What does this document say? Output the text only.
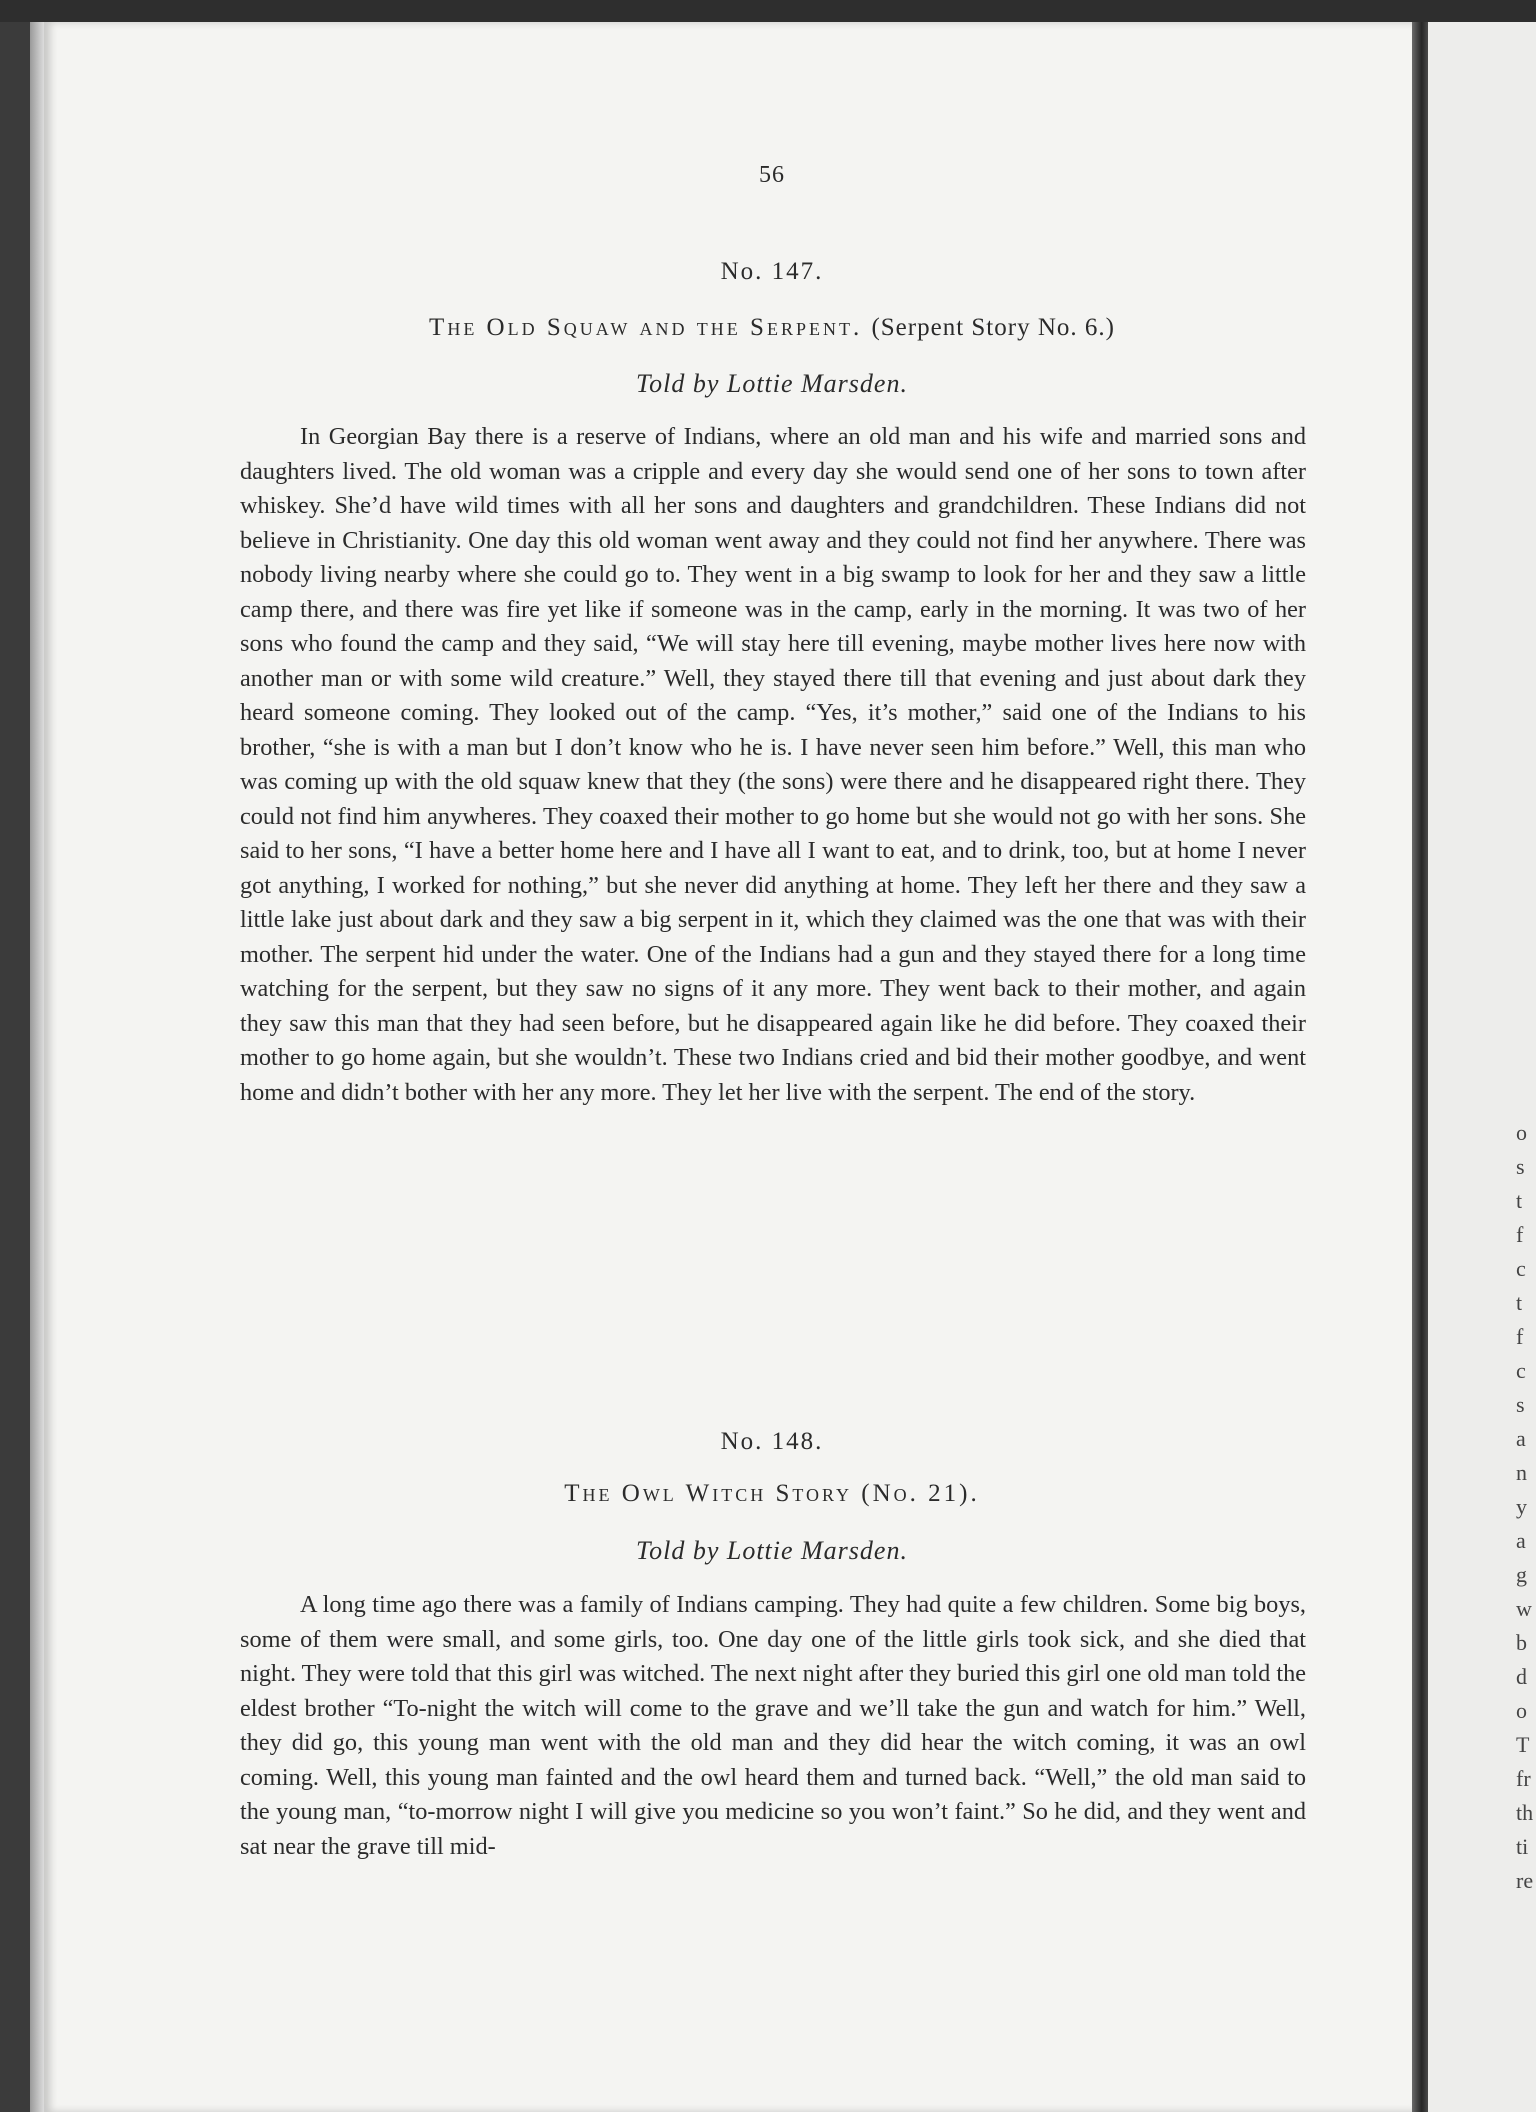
56
No. 147.
The Old Squaw and the Serpent. (Serpent Story No. 6.)
Told by Lottie Marsden.

In Georgian Bay there is a reserve of Indians, where an old man and his wife and married sons and daughters lived. The old woman was a cripple and every day she would send one of her sons to town after whiskey. She’d have wild times with all her sons and daughters and grandchildren. These Indians did not believe in Christianity. One day this old woman went away and they could not find her anywhere. There was nobody living nearby where she could go to. They went in a big swamp to look for her and they saw a little camp there, and there was fire yet like if someone was in the camp, early in the morning. It was two of her sons who found the camp and they said, “We will stay here till evening, maybe mother lives here now with another man or with some wild creature.” Well, they stayed there till that evening and just about dark they heard someone coming. They looked out of the camp. “Yes, it’s mother,” said one of the Indians to his brother, “she is with a man but I don’t know who he is. I have never seen him before.” Well, this man who was coming up with the old squaw knew that they (the sons) were there and he disappeared right there. They could not find him anywheres. They coaxed their mother to go home but she would not go with her sons. She said to her sons, “I have a better home here and I have all I want to eat, and to drink, too, but at home I never got anything, I worked for nothing,” but she never did anything at home. They left her there and they saw a little lake just about dark and they saw a big serpent in it, which they claimed was the one that was with their mother. The serpent hid under the water. One of the Indians had a gun and they stayed there for a long time watching for the serpent, but they saw no signs of it any more. They went back to their mother, and again they saw this man that they had seen before, but he disappeared again like he did before. They coaxed their mother to go home again, but she wouldn’t. These two Indians cried and bid their mother goodbye, and went home and didn’t bother with her any more. They let her live with the serpent. The end of the story.

No. 148.
The Owl Witch Story (No. 21).
Told by Lottie Marsden.

A long time ago there was a family of Indians camping. They had quite a few children. Some big boys, some of them were small, and some girls, too. One day one of the little girls took sick, and she died that night. They were told that this girl was witched. The next night after they buried this girl one old man told the eldest brother “To-night the witch will come to the grave and we’ll take the gun and watch for him.” Well, they did go, this young man went with the old man and they did hear the witch coming, it was an owl coming. Well, this young man fainted and the owl heard them and turned back. “Well,” the old man said to the young man, “to-morrow night I will give you medicine so you won’t faint.” So he did, and they went and sat near the grave till mid-

o
s
t
f
c
t
f
c
s
a
n
y
a
g
w
b
d
o
T
fr
th
ti
re
